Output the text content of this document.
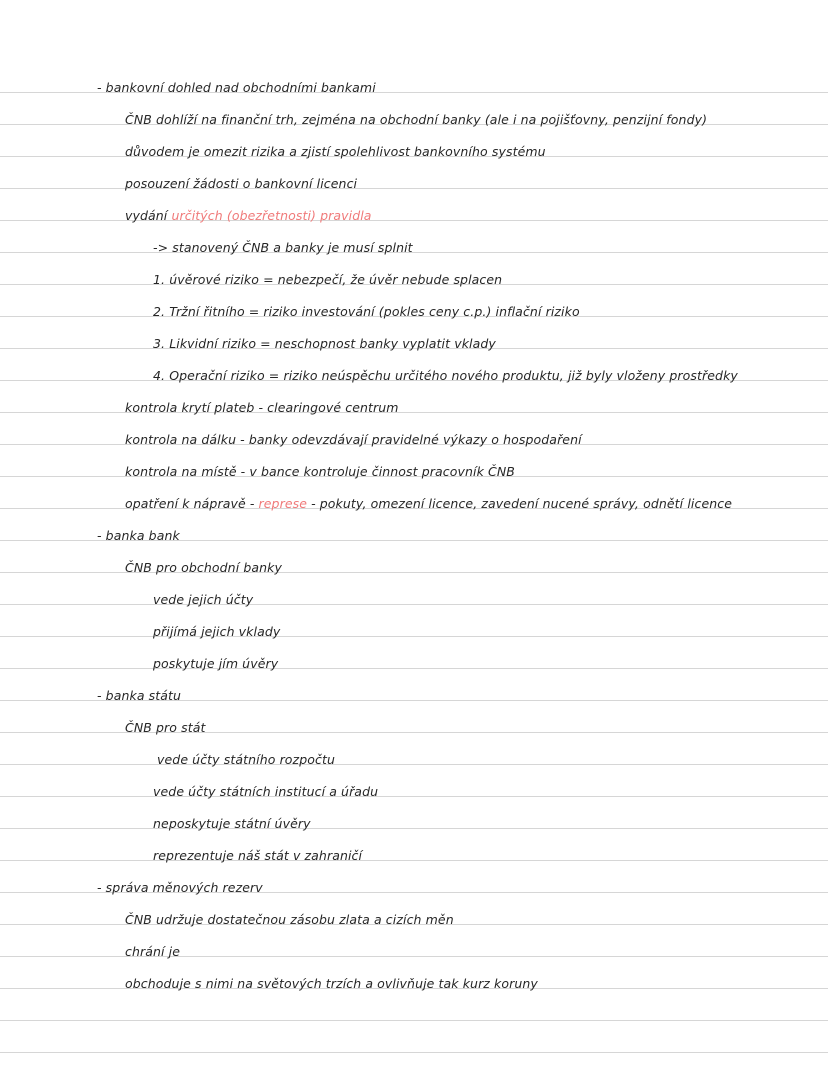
- bankovní dohled nad obchodními bankami
ČNB dohlíží na finanční trh, zejména na obchodní banky (ale i na pojišťovny, penzijní fondy)
důvodem je omezit rizika a zjistí spolehlivost bankovního systému
posouzení žádosti o bankovní licenci
vydání určitých (obezřetnosti) pravidla
-> stanovený ČNB a banky je musí splnit
1. úvěrové riziko = nebezpečí, že úvěr nebude splacen
2. Tržní řitního = riziko investování (pokles ceny c.p.) inflační riziko
3. Likvidní riziko = neschopnost banky vyplatit vklady
4. Operační riziko = riziko neúspěchu určitého nového produktu, již byly vloženy prostředky
kontrola krytí plateb - clearingové centrum
kontrola na dálku - banky odevzdávají pravidelné výkazy o hospodaření
kontrola na místě - v bance kontroluje činnost pracovník ČNB
opatření k nápravě - represe - pokuty, omezení licence, zavedení nucené správy, odnětí licence
- banka bank
ČNB pro obchodní banky
vede jejich účty
přijímá jejich vklady
poskytuje jím úvěry
- banka státu
ČNB pro stát
vede účty státního rozpočtu
vede účty státních institucí a úřadu
neposkytuje státní úvěry
reprezentuje náš stát v zahraničí
- správa měnových rezerv
ČNB udržuje dostatečnou zásobu zlata a cizích měn
chrání je
obchoduje s nimi na světových trzích a ovlivňuje tak kurz koruny
